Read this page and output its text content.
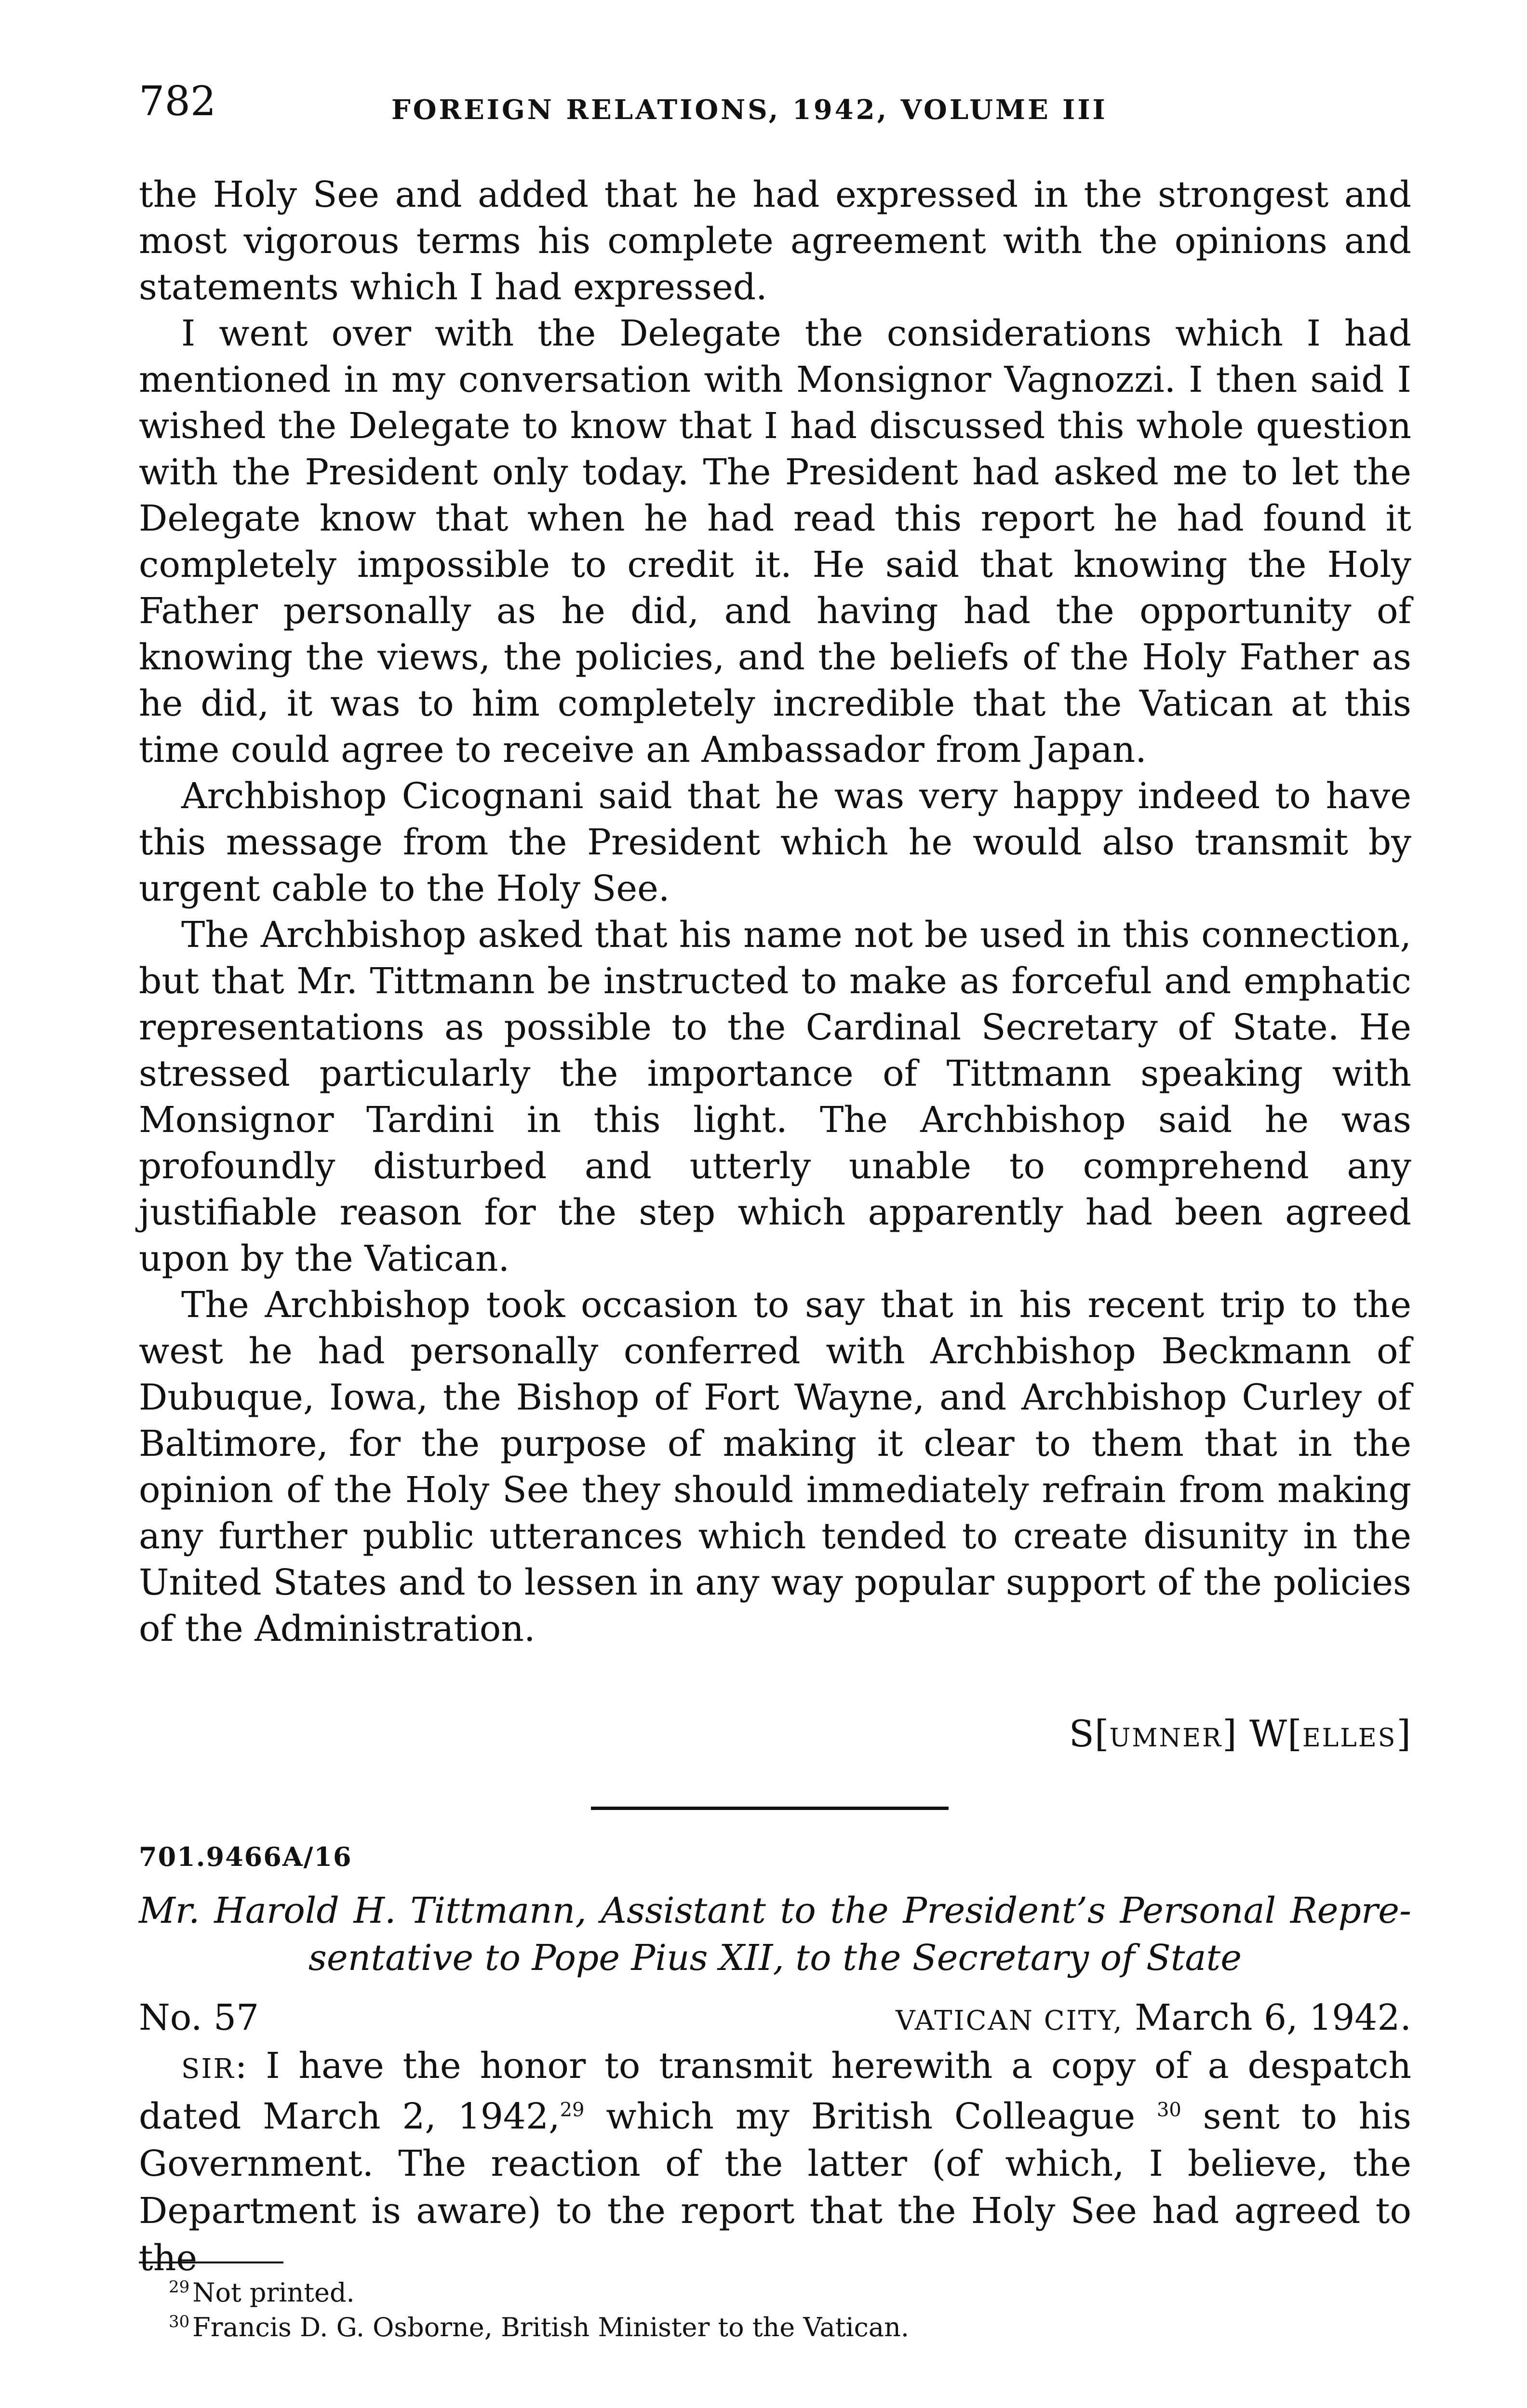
782	FOREIGN RELATIONS, 1942, VOLUME III

the Holy See and added that he had expressed in the strongest and most vigorous terms his complete agreement with the opinions and statements which I had expressed.

I went over with the Delegate the considerations which I had mentioned in my conversation with Monsignor Vagnozzi. I then said I wished the Delegate to know that I had discussed this whole question with the President only today. The President had asked me to let the Delegate know that when he had read this report he had found it completely impossible to credit it. He said that knowing the Holy Father personally as he did, and having had the opportunity of knowing the views, the policies, and the beliefs of the Holy Father as he did, it was to him completely incredible that the Vatican at this time could agree to receive an Ambassador from Japan.

Archbishop Cicognani said that he was very happy indeed to have this message from the President which he would also transmit by urgent cable to the Holy See.

The Archbishop asked that his name not be used in this connection, but that Mr. Tittmann be instructed to make as forceful and emphatic representations as possible to the Cardinal Secretary of State. He stressed particularly the importance of Tittmann speaking with Monsignor Tardini in this light. The Archbishop said he was profoundly disturbed and utterly unable to comprehend any justifiable reason for the step which apparently had been agreed upon by the Vatican.

The Archbishop took occasion to say that in his recent trip to the west he had personally conferred with Archbishop Beckmann of Dubuque, Iowa, the Bishop of Fort Wayne, and Archbishop Curley of Baltimore, for the purpose of making it clear to them that in the opinion of the Holy See they should immediately refrain from making any further public utterances which tended to create disunity in the United States and to lessen in any way popular support of the policies of the Administration.

S[UMNER] W[ELLES]
701.9466A/16
Mr. Harold H. Tittmann, Assistant to the President’s Personal Repre-
sentative to Pope Pius XII, to the Secretary of State
No. 57	VATICAN CITY, March 6, 1942.

SIR: I have the honor to transmit herewith a copy of a despatch dated March 2, 1942,29 which my British Colleague $^{30}$ sent to his Government. The reaction of the latter (of which, I believe, the Department is aware) to the report that the Holy See had agreed to the

$^{29}$ Not printed.
$^{30}$ Francis D. G. Osborne, British Minister to the Vatican.
